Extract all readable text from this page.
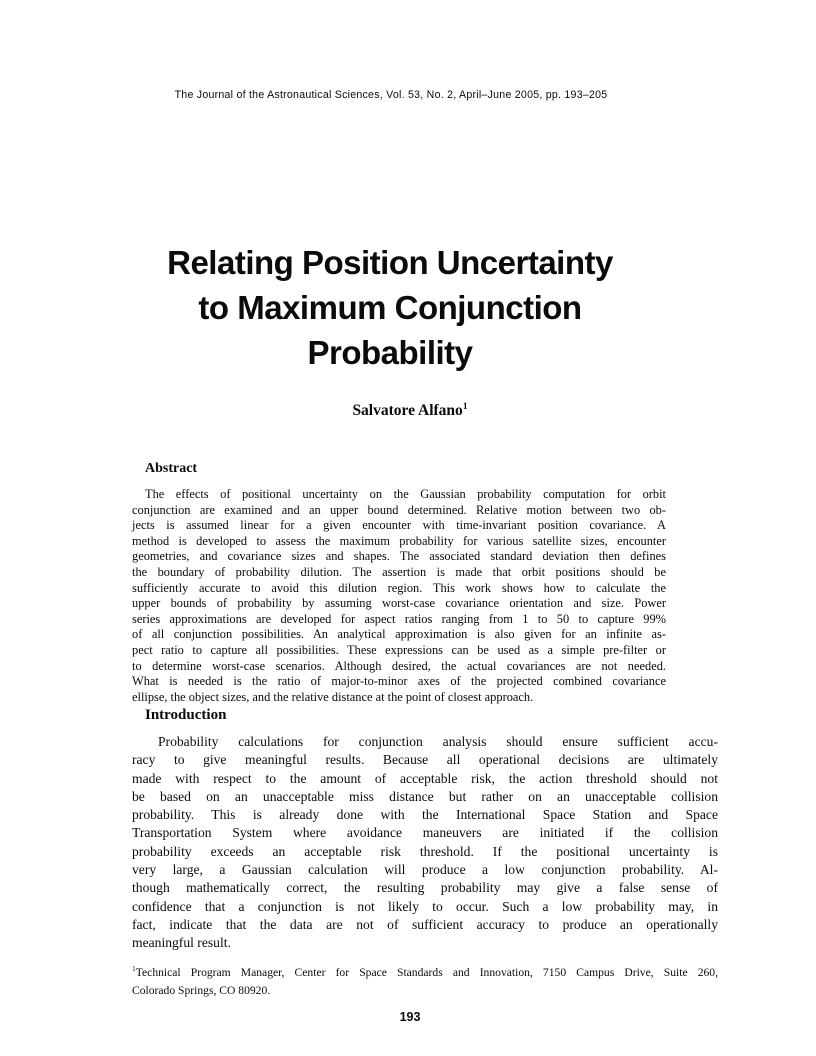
The Journal of the Astronautical Sciences, Vol. 53, No. 2, April–June 2005, pp. 193–205
Relating Position Uncertainty
to Maximum Conjunction
Probability
Salvatore Alfano$^1$
Abstract
The effects of positional uncertainty on the Gaussian probability computation for orbit
conjunction are examined and an upper bound determined. Relative motion between two ob-
jects is assumed linear for a given encounter with time-invariant position covariance. A
method is developed to assess the maximum probability for various satellite sizes, encounter
geometries, and covariance sizes and shapes. The associated standard deviation then defines
the boundary of probability dilution. The assertion is made that orbit positions should be
sufficiently accurate to avoid this dilution region. This work shows how to calculate the
upper bounds of probability by assuming worst-case covariance orientation and size. Power
series approximations are developed for aspect ratios ranging from 1 to 50 to capture 99%
of all conjunction possibilities. An analytical approximation is also given for an infinite as-
pect ratio to capture all possibilities. These expressions can be used as a simple pre-filter or
to determine worst-case scenarios. Although desired, the actual covariances are not needed.
What is needed is the ratio of major-to-minor axes of the projected combined covariance
ellipse, the object sizes, and the relative distance at the point of closest approach.
Introduction
Probability calculations for conjunction analysis should ensure sufficient accu-
racy to give meaningful results. Because all operational decisions are ultimately
made with respect to the amount of acceptable risk, the action threshold should not
be based on an unacceptable miss distance but rather on an unacceptable collision
probability. This is already done with the International Space Station and Space
Transportation System where avoidance maneuvers are initiated if the collision
probability exceeds an acceptable risk threshold. If the positional uncertainty is
very large, a Gaussian calculation will produce a low conjunction probability. Al-
though mathematically correct, the resulting probability may give a false sense of
confidence that a conjunction is not likely to occur. Such a low probability may, in
fact, indicate that the data are not of sufficient accuracy to produce an operationally
meaningful result.
$^1$Technical Program Manager, Center for Space Standards and Innovation, 7150 Campus Drive, Suite 260,
Colorado Springs, CO 80920.
193
